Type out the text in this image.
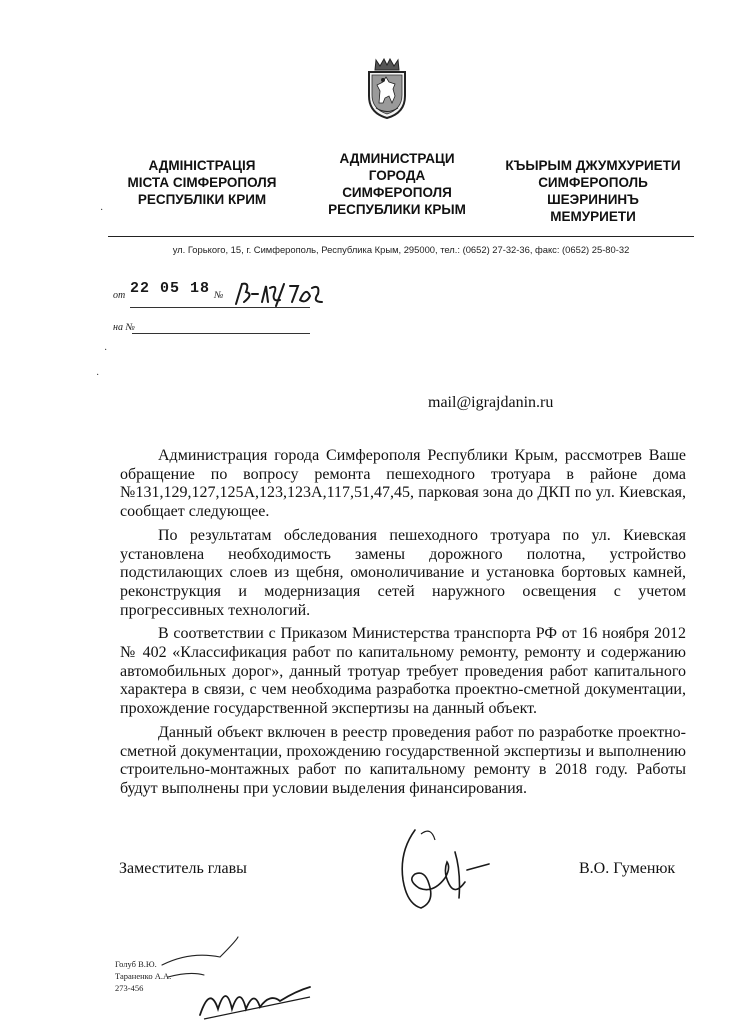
АДМІНІСТРАЦІЯ
МІСТА СІМФЕРОПОЛЯ
РЕСПУБЛІКИ КРИМ
АДМИНИСТРАЦИ
ГОРОДА
СИМФЕРОПОЛЯ
РЕСПУБЛИКИ КРЫМ
КЪЫРЫМ ДЖУМХУРИЕТИ
СИМФЕРОПОЛЬ
ШЕЭРИНИНЪ
МЕМУРИЕТИ
ул. Горького, 15, г. Симферополь, Республика Крым, 295000, тел.: (0652) 27-32-36, факс: (0652) 25-80-32
от 22 05 18 №
на №
·
·
·
mail@igrajdanin.ru

Администрация города Симферополя Республики Крым, рассмотрев Ваше обращение по вопросу ремонта пешеходного тротуара в районе дома №131,129,127,125А,123,123А,117,51,47,45, парковая зона до ДКП по ул. Киевская, сообщает следующее.

По результатам обследования пешеходного тротуара по ул. Киевская установлена необходимость замены дорожного полотна, устройство подстилающих слоев из щебня, омоноличивание и установка бортовых камней, реконструкция и модернизация сетей наружного освещения с учетом прогрессивных технологий.

В соответствии с Приказом Министерства транспорта РФ от 16 ноября 2012 № 402 «Классификация работ по капитальному ремонту, ремонту и содержанию автомобильных дорог», данный тротуар требует проведения работ капитального характера в связи, с чем необходима разработка проектно-сметной документации, прохождение государственной экспертизы на данный объект.

Данный объект включен в реестр проведения работ по разработке проектно-сметной документации, прохождению государственной экспертизы и выполнению строительно-монтажных работ по капитальному ремонту в 2018 году. Работы будут выполнены при условии выделения финансирования.

Заместитель главы	В.О. Гуменюк
Голуб В.Ю.
Тараненко А.А.
273-456
